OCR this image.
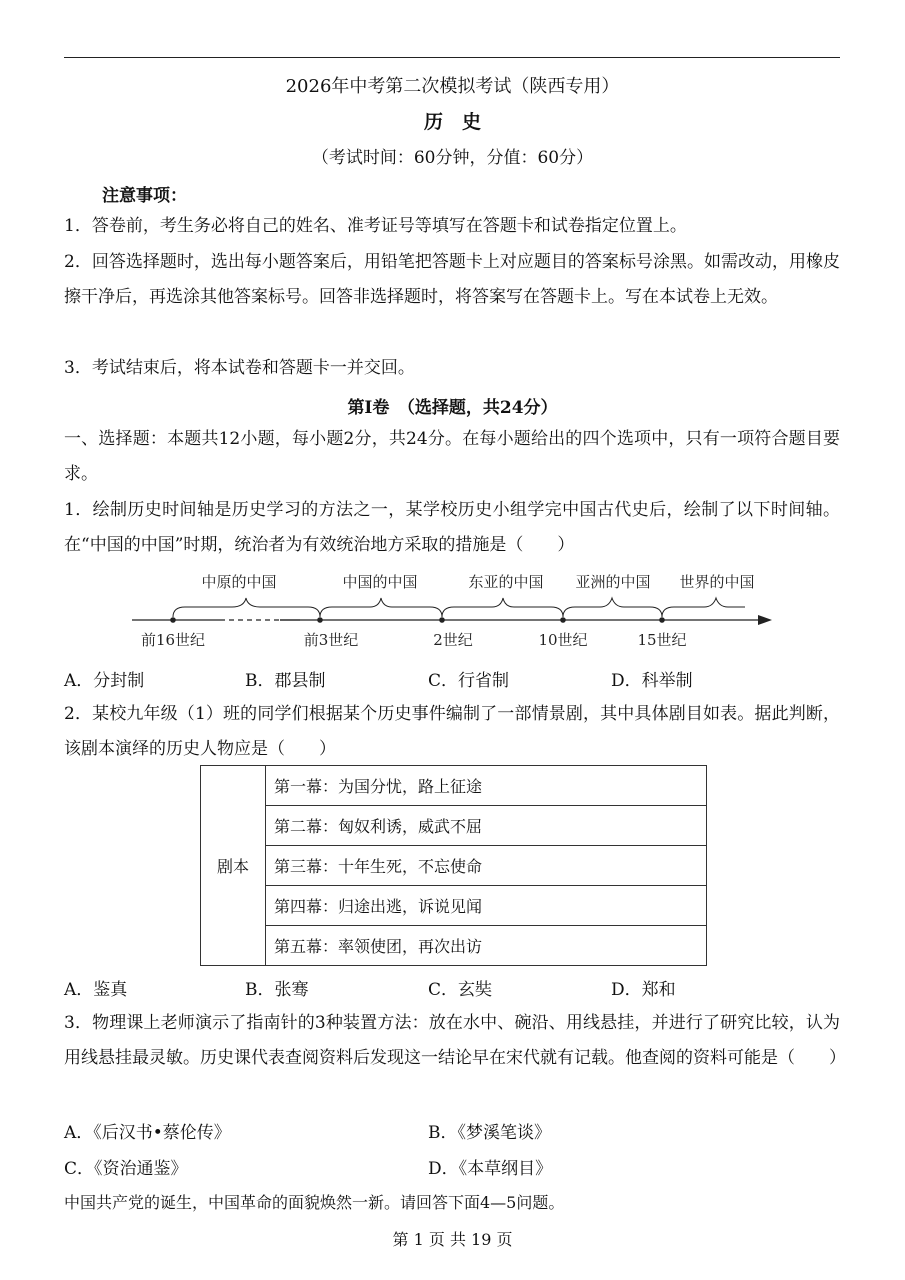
2026年中考第二次模拟考试（陕西专用）
历　史
（考试时间：60分钟，分值：60分）
注意事项：
1．答卷前，考生务必将自己的姓名、准考证号等填写在答题卡和试卷指定位置上。
2．回答选择题时，选出每小题答案后，用铅笔把答题卡上对应题目的答案标号涂黑。如需改动，用橡皮擦干净后，再选涂其他答案标号。回答非选择题时，将答案写在答题卡上。写在本试卷上无效。
3．考试结束后，将本试卷和答题卡一并交回。
第Ⅰ卷　（选择题，共24分）
一、选择题：本题共12小题，每小题2分，共24分。在每小题给出的四个选项中，只有一项符合题目要求。
1．绘制历史时间轴是历史学习的方法之一，某学校历史小组学完中国古代史后，绘制了以下时间轴。在“中国的中国”时期，统治者为有效统治地方采取的措施是（　　）
中原的中国	中国的中国	东亚的中国 亚洲的中国 世界的中国
前16世纪	前3世纪	2世纪	10世纪	15世纪
A．分封制	B．郡县制	C．行省制	D．科举制
2．某校九年级（1）班的同学们根据某个历史事件编制了一部情景剧，其中具体剧目如表。据此判断，该剧本演绎的历史人物应是（　　）
剧本	第一幕：为国分忧，路上征途
第二幕：匈奴利诱，威武不屈
第三幕：十年生死，不忘使命
第四幕：归途出逃，诉说见闻
第五幕：率领使团，再次出访
A．鉴真	B．张骞	C．玄奘	D．郑和
3．物理课上老师演示了指南针的3种装置方法：放在水中、碗沿、用线悬挂，并进行了研究比较，认为用线悬挂最灵敏。历史课代表查阅资料后发现这一结论早在宋代就有记载。他查阅的资料可能是（　　）
A．《后汉书•蔡伦传》	B．《梦溪笔谈》
C．《资治通鉴》	D．《本草纲目》
中国共产党的诞生，中国革命的面貌焕然一新。请回答下面4—5问题。
第 1 页 共 19 页
